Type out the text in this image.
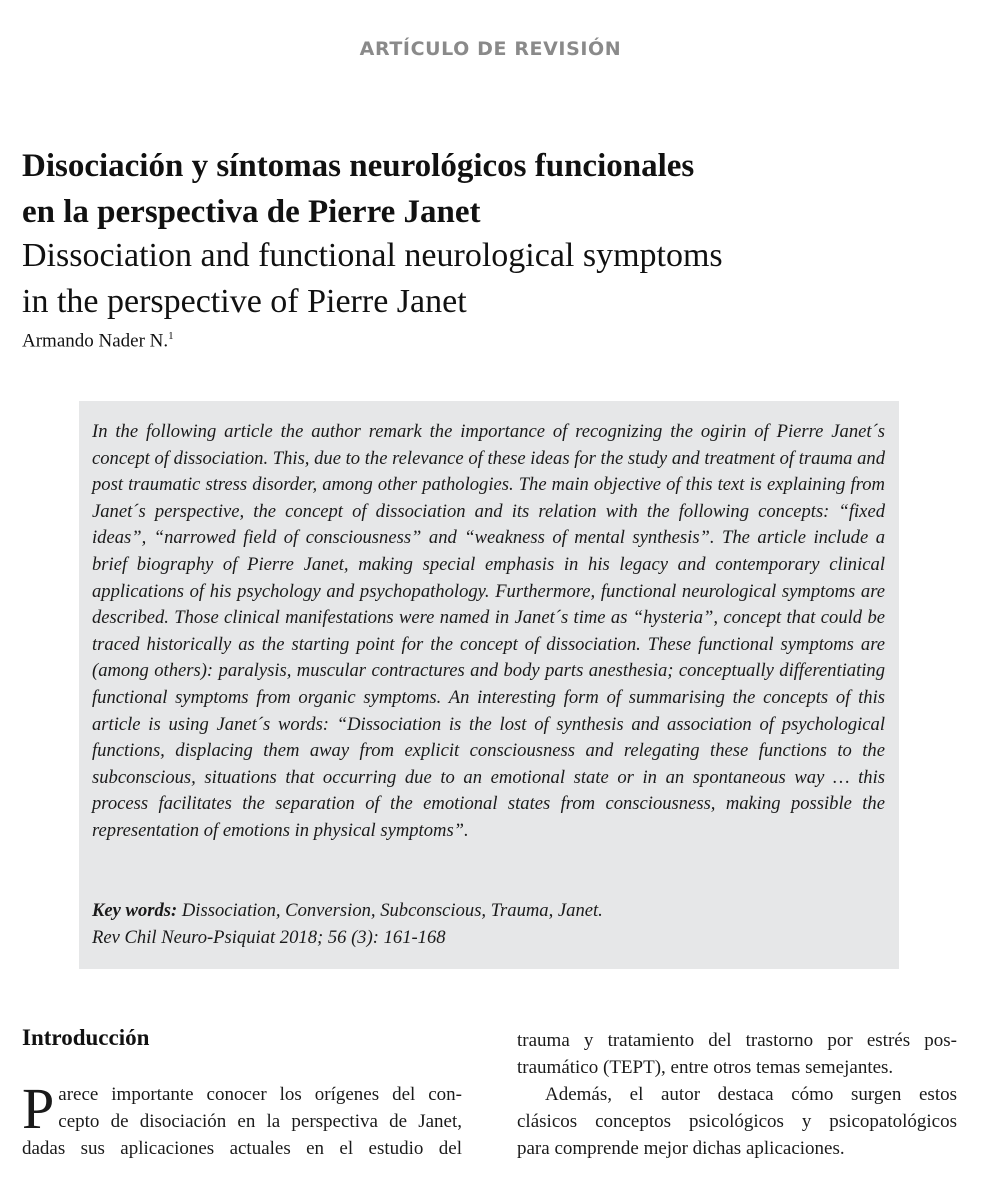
ARTÍCULO DE REVISIÓN
Disociación y síntomas neurológicos funcionales
en la perspectiva de Pierre Janet
Dissociation and functional neurological symptoms
in the perspective of Pierre Janet
Armando Nader N.$^1$
In the following article the author remark the importance of recognizing the ogirin of Pierre Janet´s concept of dissociation. This, due to the relevance of these ideas for the study and treatment of trauma and post traumatic stress disorder, among other pathologies. The main objective of this text is explaining from Janet´s perspective, the concept of dissociation and its relation with the following concepts: “fixed ideas”, “narrowed field of consciousness” and “weakness of mental synthesis”. The article include a brief biography of Pierre Janet, making special emphasis in his legacy and contemporary clinical applications of his psychology and psychopathology. Furthermore, functional neurological symptoms are described. Those clinical manifestations were named in Janet´s time as “hysteria”, concept that could be traced historically as the starting point for the concept of dissociation. These functional symptoms are (among others): paralysis, muscular contractures and body parts anesthesia; conceptually differentiating functional symptoms from organic symptoms. An interesting form of summarising the concepts of this article is using Janet´s words: “Dissociation is the lost of synthesis and association of psychological functions, displacing them away from explicit consciousness and relegating these functions to the subconscious, situations that occurring due to an emotional state or in an spontaneous way … this process facilitates the separation of the emotional states from consciousness, making possible the representation of emotions in physical symptoms”.
Key words: Dissociation, Conversion, Subconscious, Trauma, Janet.
Rev Chil Neuro-Psiquiat 2018; 56 (3): 161-168
Introducción
P arece importante conocer los orígenes del con-
cepto de disociación en la perspectiva de Janet,
dadas sus aplicaciones actuales en el estudio del
trauma y tratamiento del trastorno por estrés pos-
traumático (TEPT), entre otros temas semejantes.
Además, el autor destaca cómo surgen estos
clásicos conceptos psicológicos y psicopatológicos
para comprende mejor dichas aplicaciones.
